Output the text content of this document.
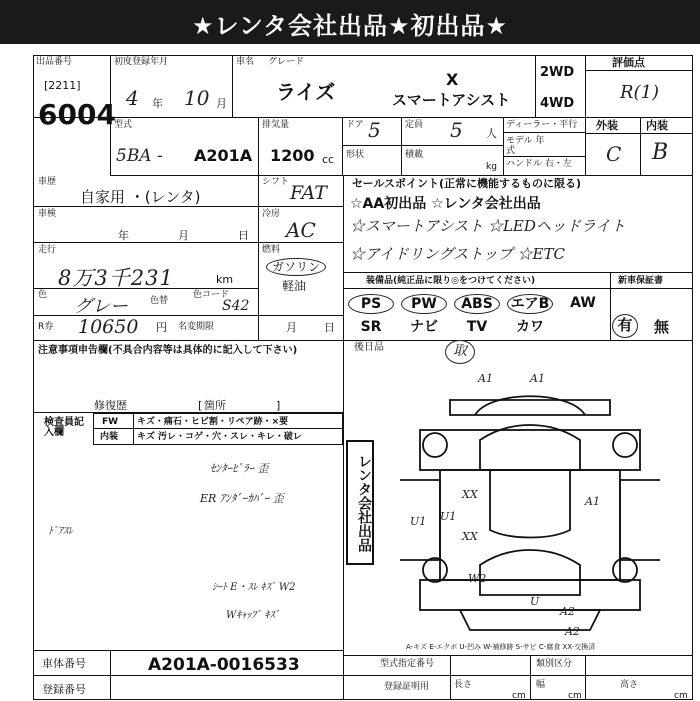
★レンタ会社出品★初出品★
出品番号
[2211]
6004
初度登録年月
4 年 10 月
車名 グレード
ライズ
X
スマートアシスト
2WD
4WD
評価点
R(1)
型式
5BA - A201A
排気量
1200 cc
ドア 5	定員 5 人
形状	積載
kg
ディーラー・平行
モデル 年式
ハンドル 右・左
外装	内装
C B
車歴
自家用 ・(レンタ)
車検
年	月	日
走行
8万3千231	km
色
グレー 色替
色コード
S42
R券 10650 円 名変期限	月 日
シフト FAT
冷房
AC
燃料
ガソリン
軽油
セールスポイント(正常に機能するものに限る)
☆AA初出品 ☆レンタ会社出品
☆スマートアシスト ☆LEDヘッドライト
☆アイドリングストップ ☆ETC
装備品(純正品に限り◎をつけてください)	新車保証書
PS	PW	ABS	エアB	AW
SR	ナビ	TV	カワ	有	無
注意事項申告欄(不具合内容等は具体的に記入して下さい)
修復歴	箇所
[	]
検査員記入欄
FW キズ・痛石・ヒビ割・リペア跡・×要
内装 キズ 汚レ・コゲ・穴・スレ・キレ・破レ
ｾﾝﾀｰﾋﾟﾗｰ 歪
ER ｱﾝﾀﾞｰｶﾊﾞｰ 歪
ﾄﾞｱｽﾚ
ｼｰﾄ E・ｽﾚ ｷｽﾞ W2
Wｷｬｯﾌﾟ ｷｽﾞ
レンタ会社出品
後日品	取
A1	A1
U1
A1
U1
XX
XX
W2
U
A2
A2
A-キズ E-エクボ U-凹み W-補修跡 S-サビ C-腐食 XX-交換済
車体番号	A201A-0016533
登録番号
型式指定番号	類別区分
登録証明用	長さ
cm
幅
cm
高さ
cm
